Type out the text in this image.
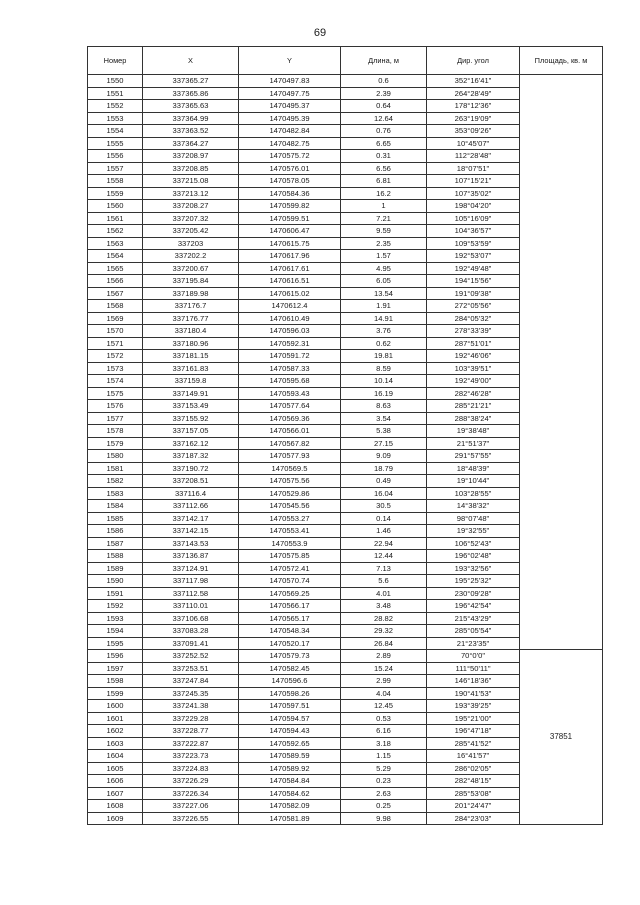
69
Номер	X	Y	Длина, м	Дир. угол	Площадь, кв. м
1550	337365.27	1470497.83	0.6	352°16'41"	
1551	337365.86	1470497.75	2.39	264°28'49"	
1552	337365.63	1470495.37	0.64	178°12'36"	
1553	337364.99	1470495.39	12.64	263°19'09"	
1554	337363.52	1470482.84	0.76	353°09'26"	
1555	337364.27	1470482.75	6.65	10°45'07"	
1556	337208.97	1470575.72	0.31	112°28'48"	
1557	337208.85	1470576.01	6.56	18°07'51"	
1558	337215.08	1470578.05	6.81	107°15'21"	
1559	337213.12	1470584.36	16.2	107°35'02"	
1560	337208.27	1470599.82	1	198°04'20"	
1561	337207.32	1470599.51	7.21	105°16'09"	
1562	337205.42	1470606.47	9.59	104°36'57"	
1563	337203	1470615.75	2.35	109°53'59"	
1564	337202.2	1470617.96	1.57	192°53'07"	
1565	337200.67	1470617.61	4.95	192°49'48"	
1566	337195.84	1470616.51	6.05	194°15'56"	
1567	337189.98	1470615.02	13.54	191°09'38"	
1568	337176.7	1470612.4	1.91	272°05'56"	
1569	337176.77	1470610.49	14.91	284°05'32"	
1570	337180.4	1470596.03	3.76	278°33'39"	
1571	337180.96	1470592.31	0.62	287°51'01"	
1572	337181.15	1470591.72	19.81	192°46'06"	
1573	337161.83	1470587.33	8.59	103°39'51"	
1574	337159.8	1470595.68	10.14	192°49'00"	
1575	337149.91	1470593.43	16.19	282°46'28"	
1576	337153.49	1470577.64	8.63	285°21'21"	
1577	337155.92	1470569.36	3.54	288°38'24"	
1578	337157.05	1470566.01	5.38	19°38'48"	
1579	337162.12	1470567.82	27.15	21°51'37"	
1580	337187.32	1470577.93	9.09	291°57'55"	
1581	337190.72	1470569.5	18.79	18°48'39"	
1582	337208.51	1470575.56	0.49	19°10'44"	
1583	337116.4	1470529.86	16.04	103°28'55"	
1584	337112.66	1470545.56	30.5	14°38'32"	
1585	337142.17	1470553.27	0.14	98°07'48"	
1586	337142.15	1470553.41	1.46	19°32'55"	
1587	337143.53	1470553.9	22.94	106°52'43"	
1588	337136.87	1470575.85	12.44	196°02'48"	
1589	337124.91	1470572.41	7.13	193°32'56"	
1590	337117.98	1470570.74	5.6	195°25'32"	
1591	337112.58	1470569.25	4.01	230°09'28"	
1592	337110.01	1470566.17	3.48	196°42'54"	
1593	337106.68	1470565.17	28.82	215°43'29"	
1594	337083.28	1470548.34	29.32	285°05'54"	
1595	337091.41	1470520.17	26.84	21°23'35"	
1596	337252.52	1470579.73	2.89	70°0'0"	37851
1597	337253.51	1470582.45	15.24	111°50'11"	
1598	337247.84	1470596.6	2.99	146°18'36"	
1599	337245.35	1470598.26	4.04	190°41'53"	
1600	337241.38	1470597.51	12.45	193°39'25"	
1601	337229.28	1470594.57	0.53	195°21'00"	
1602	337228.77	1470594.43	6.16	196°47'18"	
1603	337222.87	1470592.65	3.18	285°41'52"	
1604	337223.73	1470589.59	1.15	16°41'57"	
1605	337224.83	1470589.92	5.29	286°02'05"	
1606	337226.29	1470584.84	0.23	282°48'15"	
1607	337226.34	1470584.62	2.63	285°53'08"	
1608	337227.06	1470582.09	0.25	201°24'47"	
1609	337226.55	1470581.89	9.98	284°23'03"	
